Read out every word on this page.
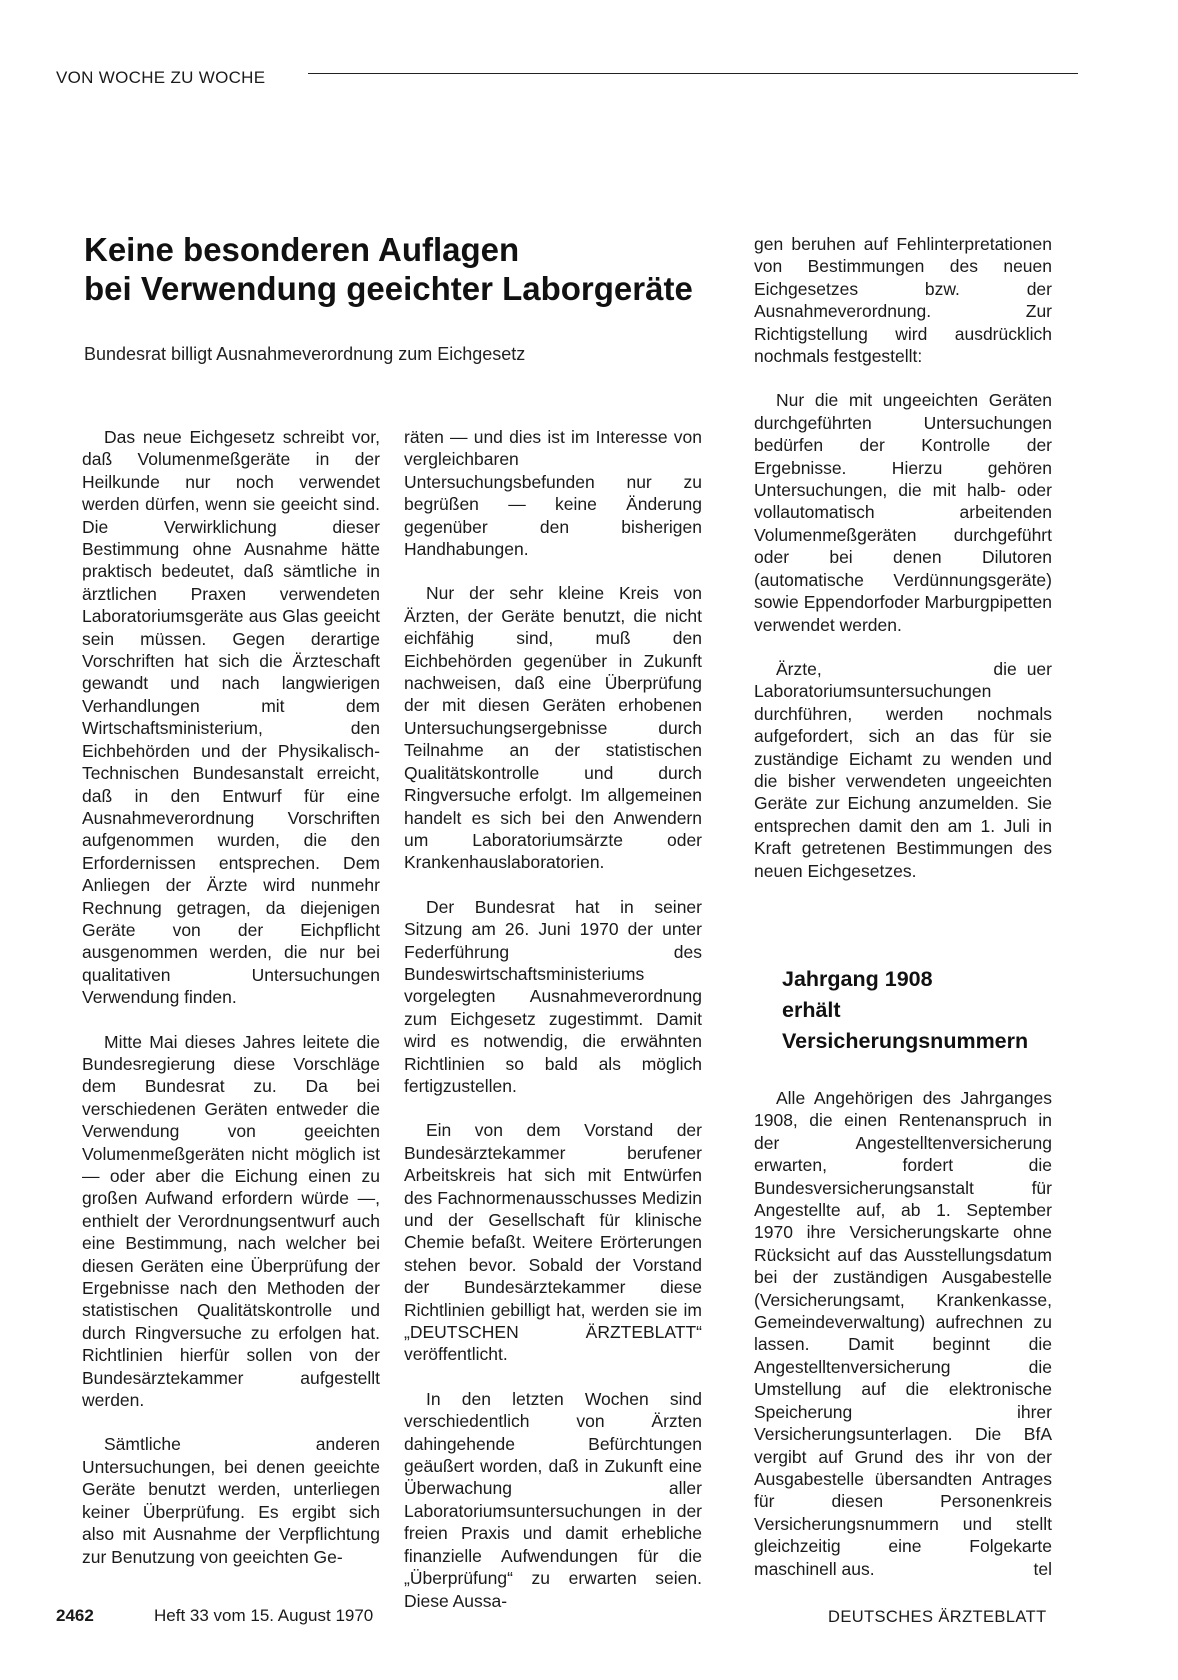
VON WOCHE ZU WOCHE
Keine besonderen Auflagen
bei Verwendung geeichter Laborgeräte
Bundesrat billigt Ausnahmeverordnung zum Eichgesetz

Das neue Eichgesetz schreibt vor, daß Volumenmeßgeräte in der Heilkunde nur noch verwendet werden dürfen, wenn sie geeicht sind. Die Verwirklichung dieser Bestimmung ohne Ausnahme hätte praktisch bedeutet, daß sämtliche in ärztlichen Praxen verwendeten Laboratoriumsgeräte aus Glas geeicht sein müssen. Gegen derartige Vorschriften hat sich die Ärzteschaft gewandt und nach langwierigen Verhandlungen mit dem Wirtschaftsministerium, den Eichbehörden und der Physikalisch-Technischen Bundesanstalt erreicht, daß in den Entwurf für eine Ausnahmeverordnung Vorschriften aufgenommen wurden, die den Erfordernissen entsprechen. Dem Anliegen der Ärzte wird nunmehr Rechnung getragen, da diejenigen Geräte von der Eichpflicht ausgenommen werden, die nur bei qualitativen Untersuchungen Verwendung finden.

Mitte Mai dieses Jahres leitete die Bundesregierung diese Vorschläge dem Bundesrat zu. Da bei verschiedenen Geräten entweder die Verwendung von geeichten Volumenmeßgeräten nicht möglich ist — oder aber die Eichung einen zu großen Aufwand erfordern würde —, enthielt der Verordnungsentwurf auch eine Bestimmung, nach welcher bei diesen Geräten eine Überprüfung der Ergebnisse nach den Methoden der statistischen Qualitätskontrolle und durch Ringversuche zu erfolgen hat. Richtlinien hierfür sollen von der Bundesärztekammer aufgestellt werden.

Sämtliche anderen Untersuchungen, bei denen geeichte Geräte benutzt werden, unterliegen keiner Überprüfung. Es ergibt sich also mit Ausnahme der Verpflichtung zur Benutzung von geeichten Ge-

räten — und dies ist im Interesse von vergleichbaren Untersuchungsbefunden nur zu begrüßen — keine Änderung gegenüber den bisherigen Handhabungen.

Nur der sehr kleine Kreis von Ärzten, der Geräte benutzt, die nicht eichfähig sind, muß den Eichbehörden gegenüber in Zukunft nachweisen, daß eine Überprüfung der mit diesen Geräten erhobenen Untersuchungsergebnisse durch Teilnahme an der statistischen Qualitätskontrolle und durch Ringversuche erfolgt. Im allgemeinen handelt es sich bei den Anwendern um Laboratoriumsärzte oder Krankenhauslaboratorien.

Der Bundesrat hat in seiner Sitzung am 26. Juni 1970 der unter Federführung des Bundeswirtschaftsministeriums vorgelegten Ausnahmeverordnung zum Eichgesetz zugestimmt. Damit wird es notwendig, die erwähnten Richtlinien so bald als möglich fertigzustellen.

Ein von dem Vorstand der Bundesärztekammer berufener Arbeitskreis hat sich mit Entwürfen des Fachnormenausschusses Medizin und der Gesellschaft für klinische Chemie befaßt. Weitere Erörterungen stehen bevor. Sobald der Vorstand der Bundesärztekammer diese Richtlinien gebilligt hat, werden sie im „DEUTSCHEN ÄRZTEBLATT“ veröffentlicht.

In den letzten Wochen sind verschiedentlich von Ärzten dahingehende Befürchtungen geäußert worden, daß in Zukunft eine Überwachung aller Laboratoriumsuntersuchungen in der freien Praxis und damit erhebliche finanzielle Aufwendungen für die „Überprüfung“ zu erwarten seien. Diese Aussa-

gen beruhen auf Fehlinterpretationen von Bestimmungen des neuen Eichgesetzes bzw. der Ausnahmeverordnung. Zur Richtigstellung wird ausdrücklich nochmals festgestellt:

Nur die mit ungeeichten Geräten durchgeführten Untersuchungen bedürfen der Kontrolle der Ergebnisse. Hierzu gehören Untersuchungen, die mit halb- oder vollautomatisch arbeitenden Volumenmeßgeräten durchgeführt oder bei denen Dilutoren (automatische Verdünnungsgeräte) sowie Eppendorfoder Marburgpipetten verwendet werden.

uer
Ärzte, die Laboratoriumsuntersuchungen durchführen, werden nochmals aufgefordert, sich an das für sie zuständige Eichamt zu wenden und die bisher verwendeten ungeeichten Geräte zur Eichung anzumelden. Sie entsprechen damit den am 1. Juli in Kraft getretenen Bestimmungen des neuen Eichgesetzes.

Jahrgang 1908
erhält
Versicherungsnummern

Alle Angehörigen des Jahrganges 1908, die einen Rentenanspruch in der Angestelltenversicherung erwarten, fordert die Bundesversicherungsanstalt für Angestellte auf, ab 1. September 1970 ihre Versicherungskarte ohne Rücksicht auf das Ausstellungsdatum bei der zuständigen Ausgabestelle (Versicherungsamt, Krankenkasse, Gemeindeverwaltung) aufrechnen zu lassen. Damit beginnt die Angestelltenversicherung die Umstellung auf die elektronische Speicherung ihrer Versicherungsunterlagen. Die BfA vergibt auf Grund des ihr von der Ausgabestelle übersandten Antrages für diesen Personenkreis Versicherungsnummern und stellt gleichzeitig eine Folgekarte maschinell aus.	tel

2462	Heft 33 vom 15. August 1970	DEUTSCHES ÄRZTEBLATT
